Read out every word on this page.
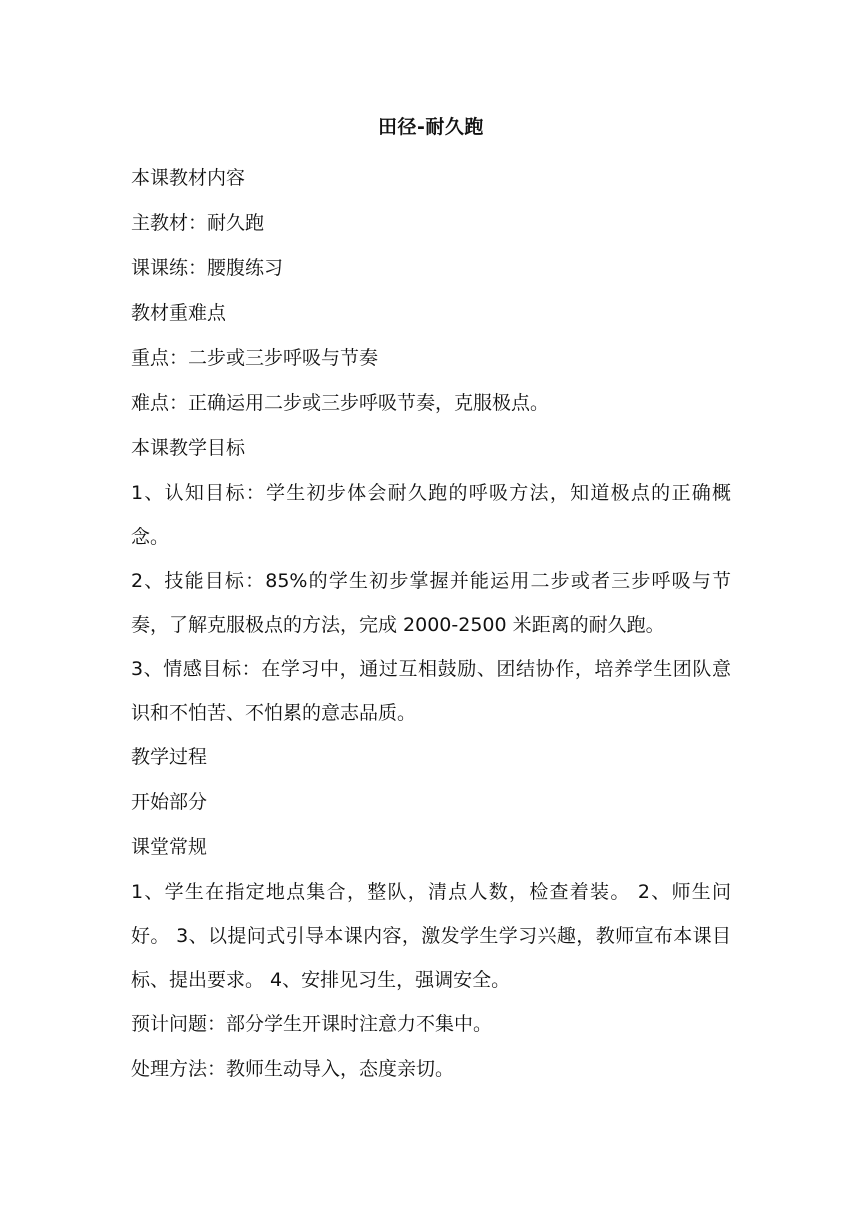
田径-耐久跑

本课教材内容

主教材：耐久跑

课课练：腰腹练习

教材重难点

重点：二步或三步呼吸与节奏

难点：正确运用二步或三步呼吸节奏，克服极点。

本课教学目标

1、认知目标：学生初步体会耐久跑的呼吸方法，知道极点的正确概念。

2、技能目标：85%的学生初步掌握并能运用二步或者三步呼吸与节奏，了解克服极点的方法，完成 2000-2500 米距离的耐久跑。

3、情感目标：在学习中，通过互相鼓励、团结协作，培养学生团队意识和不怕苦、不怕累的意志品质。

教学过程

开始部分

课堂常规

1、学生在指定地点集合，整队，清点人数，检查着装。 2、师生问好。 3、以提问式引导本课内容，激发学生学习兴趣，教师宣布本课目标、提出要求。 4、安排见习生，强调安全。

预计问题：部分学生开课时注意力不集中。

处理方法：教师生动导入，态度亲切。
